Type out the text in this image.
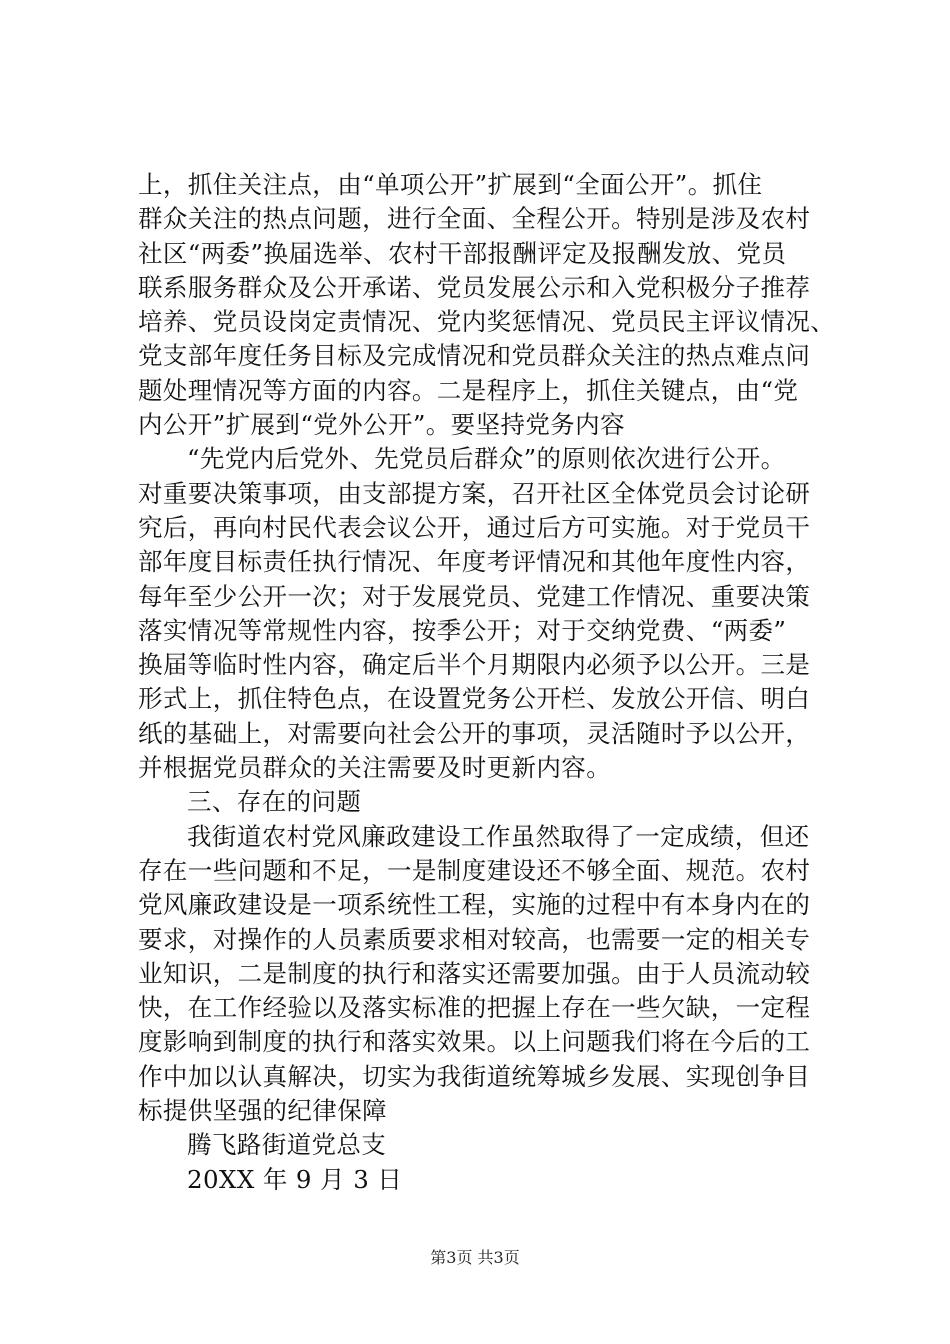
上，抓住关注点，由“单项公开”扩展到“全面公开”。抓住
群众关注的热点问题，进行全面、全程公开。特别是涉及农村
社区“两委”换届选举、农村干部报酬评定及报酬发放、党员
联系服务群众及公开承诺、党员发展公示和入党积极分子推荐
培养、党员设岗定责情况、党内奖惩情况、党员民主评议情况、
党支部年度任务目标及完成情况和党员群众关注的热点难点问
题处理情况等方面的内容。二是程序上，抓住关键点，由“党
内公开”扩展到“党外公开”。要坚持党务内容
“先党内后党外、先党员后群众”的原则依次进行公开。
对重要决策事项，由支部提方案，召开社区全体党员会讨论研
究后，再向村民代表会议公开，通过后方可实施。对于党员干
部年度目标责任执行情况、年度考评情况和其他年度性内容，
每年至少公开一次；对于发展党员、党建工作情况、重要决策
落实情况等常规性内容，按季公开；对于交纳党费、“两委”
换届等临时性内容，确定后半个月期限内必须予以公开。三是
形式上，抓住特色点，在设置党务公开栏、发放公开信、明白
纸的基础上，对需要向社会公开的事项，灵活随时予以公开，
并根据党员群众的关注需要及时更新内容。
三、存在的问题
我街道农村党风廉政建设工作虽然取得了一定成绩，但还
存在一些问题和不足，一是制度建设还不够全面、规范。农村
党风廉政建设是一项系统性工程，实施的过程中有本身内在的
要求，对操作的人员素质要求相对较高，也需要一定的相关专
业知识，二是制度的执行和落实还需要加强。由于人员流动较
快，在工作经验以及落实标准的把握上存在一些欠缺，一定程
度影响到制度的执行和落实效果。以上问题我们将在今后的工
作中加以认真解决，切实为我街道统筹城乡发展、实现创争目
标提供坚强的纪律保障
腾飞路街道党总支
20XX 年 9 月 3 日
第3页 共3页
